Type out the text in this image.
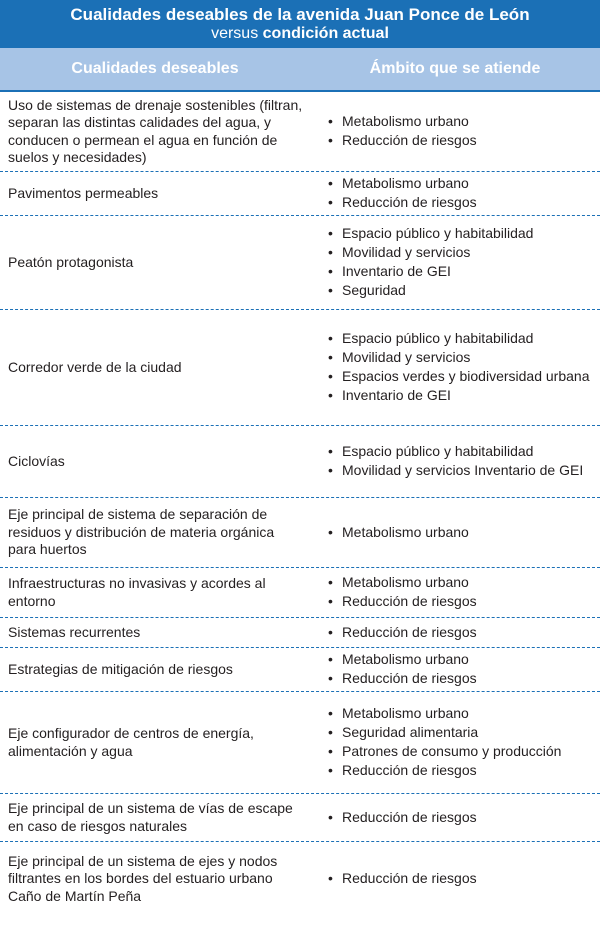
Cualidades deseables de la avenida Juan Ponce de León
versus condición actual
Cualidades deseables	Ámbito que se atiende
Uso de sistemas de drenaje sostenibles (filtran, separan las distintas calidades del agua, y conducen o permean el agua en función de suelos y necesidades)
• Metabolismo urbano
• Reducción de riesgos
Pavimentos permeables
• Metabolismo urbano
• Reducción de riesgos
Peatón protagonista
• Espacio público y habitabilidad
• Movilidad y servicios
• Inventario de GEI
• Seguridad
Corredor verde de la ciudad
• Espacio público y habitabilidad
• Movilidad y servicios
• Espacios verdes y biodiversidad urbana
• Inventario de GEI
Ciclovías
• Espacio público y habitabilidad
• Movilidad y servicios Inventario de GEI
Eje principal de sistema de separación de residuos y distribución de materia orgánica para huertos
• Metabolismo urbano
Infraestructuras no invasivas y acordes al entorno
• Metabolismo urbano
• Reducción de riesgos
Sistemas recurrentes
•	Reducción de riesgos
Estrategias de mitigación de riesgos
• Metabolismo urbano
• Reducción de riesgos
Eje configurador de centros de energía, alimentación y agua
• Metabolismo urbano
• Seguridad alimentaria
• Patrones de consumo y producción
• Reducción de riesgos
Eje principal de un sistema de vías de escape en caso de riesgos naturales
• Reducción de riesgos
Eje principal de un sistema de ejes y nodos filtrantes en los bordes del estuario urbano Caño de Martín Peña
• Reducción de riesgos
